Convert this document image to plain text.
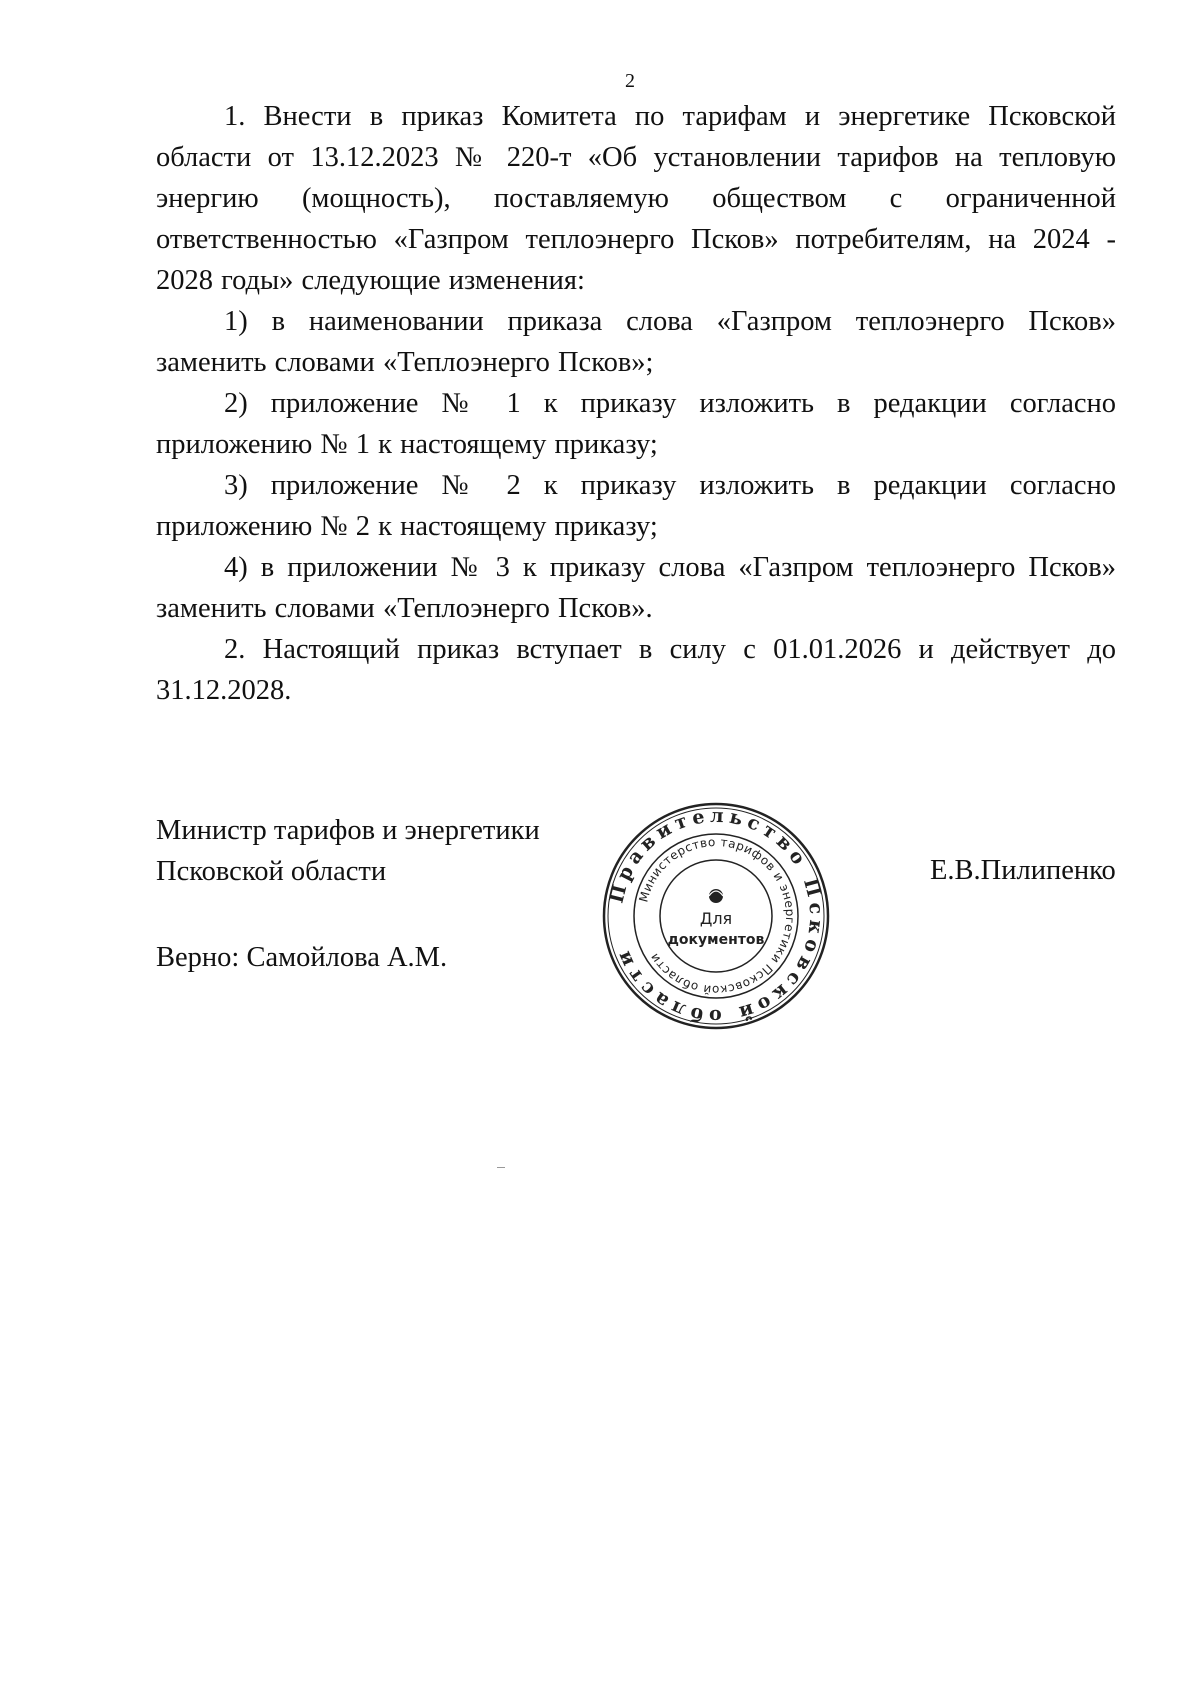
2

1. Внести в приказ Комитета по тарифам и энергетике Псковской области от 13.12.2023 № 220-т «Об установлении тарифов на тепловую энергию (мощность), поставляемую обществом с ограниченной ответственностью «Газпром теплоэнерго Псков» потребителям, на 2024 - 2028 годы» следующие изменения:

1) в наименовании приказа слова «Газпром теплоэнерго Псков» заменить словами «Теплоэнерго Псков»;

2) приложение № 1 к приказу изложить в редакции согласно приложению № 1 к настоящему приказу;

3) приложение № 2 к приказу изложить в редакции согласно приложению № 2 к настоящему приказу;

4) в приложении № 3 к приказу слова «Газпром теплоэнерго Псков» заменить словами «Теплоэнерго Псков».

2. Настоящий приказ вступает в силу с 01.01.2026 и действует до 31.12.2028.

Министр тарифов и энергетики
Псковской области
Правительство Псковской области
Министерство тарифов и энергетики Псковской области
Для
документов
Е.В.Пилипенко
Верно: Самойлова А.М.
